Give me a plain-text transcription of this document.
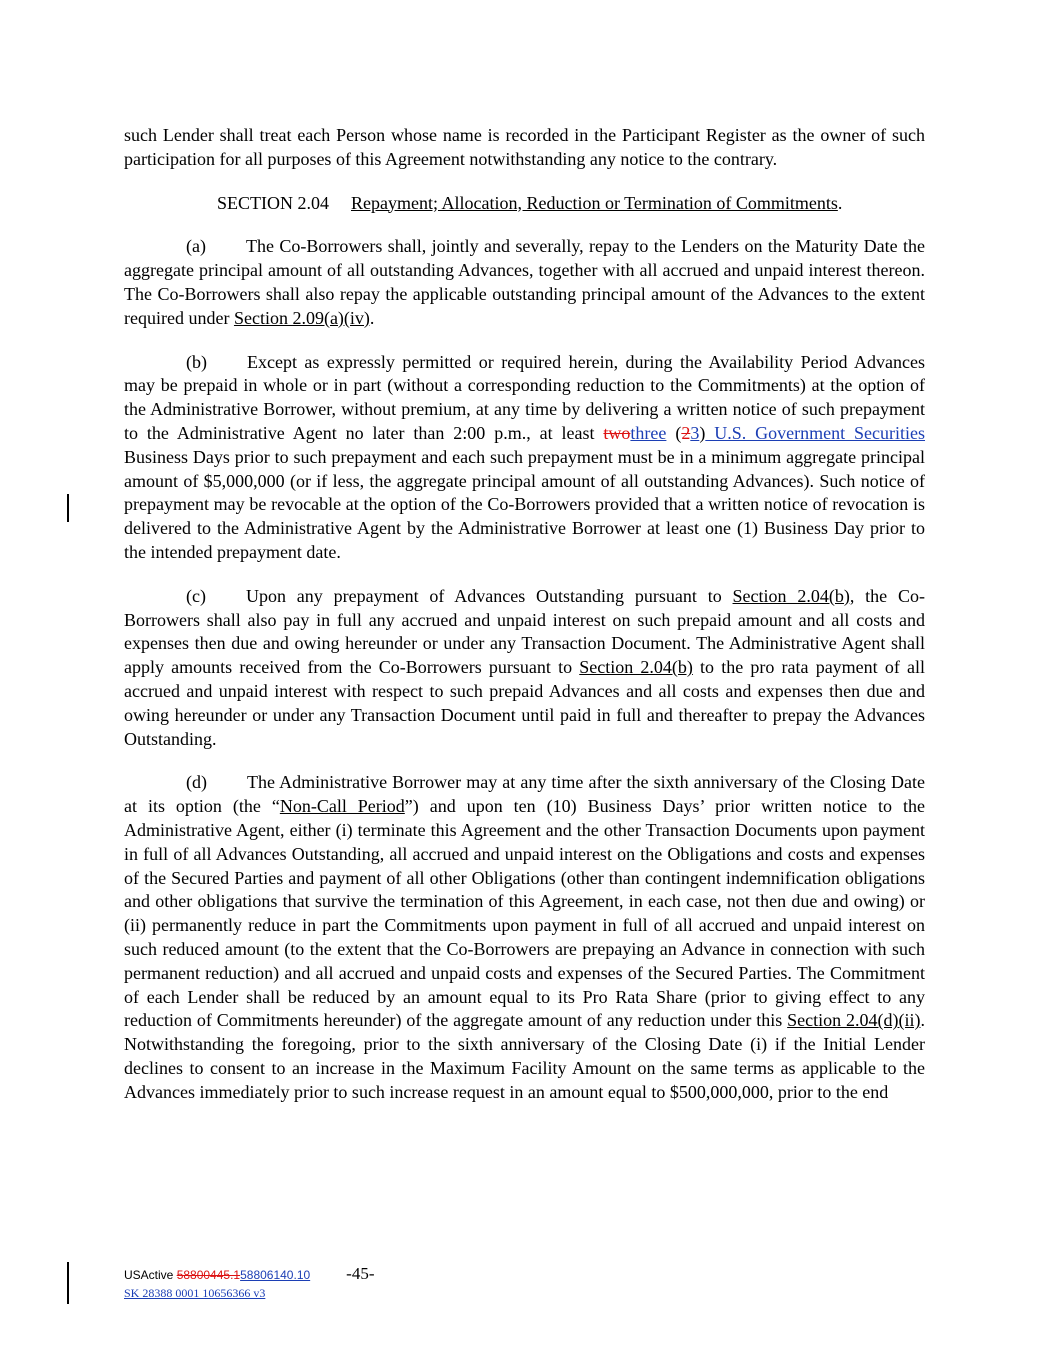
such Lender shall treat each Person whose name is recorded in the Participant Register as the owner of such participation for all purposes of this Agreement notwithstanding any notice to the contrary.

SECTION 2.04 Repayment; Allocation, Reduction or Termination of Commitments.

(a) The Co-Borrowers shall, jointly and severally, repay to the Lenders on the Maturity Date the aggregate principal amount of all outstanding Advances, together with all accrued and unpaid interest thereon. The Co-Borrowers shall also repay the applicable outstanding principal amount of the Advances to the extent required under Section 2.09(a)(iv).

(b) Except as expressly permitted or required herein, during the Availability Period Advances may be prepaid in whole or in part (without a corresponding reduction to the Commitments) at the option of the Administrative Borrower, without premium, at any time by delivering a written notice of such prepayment to the Administrative Agent no later than 2:00 p.m., at least twothree (23) U.S. Government Securities Business Days prior to such prepayment and each such prepayment must be in a minimum aggregate principal amount of $5,000,000 (or if less, the aggregate principal amount of all outstanding Advances). Such notice of prepayment may be revocable at the option of the Co-Borrowers provided that a written notice of revocation is delivered to the Administrative Agent by the Administrative Borrower at least one (1) Business Day prior to the intended prepayment date.

(c) Upon any prepayment of Advances Outstanding pursuant to Section 2.04(b), the Co- Borrowers shall also pay in full any accrued and unpaid interest on such prepaid amount and all costs and expenses then due and owing hereunder or under any Transaction Document. The Administrative Agent shall apply amounts received from the Co-Borrowers pursuant to Section 2.04(b) to the pro rata payment of all accrued and unpaid interest with respect to such prepaid Advances and all costs and expenses then due and owing hereunder or under any Transaction Document until paid in full and thereafter to prepay the Advances Outstanding.

(d) The Administrative Borrower may at any time after the sixth anniversary of the Closing Date at its option (the “Non-Call Period”) and upon ten (10) Business Days’ prior written notice to the Administrative Agent, either (i) terminate this Agreement and the other Transaction Documents upon payment in full of all Advances Outstanding, all accrued and unpaid interest on the Obligations and costs and expenses of the Secured Parties and payment of all other Obligations (other than contingent indemnification obligations and other obligations that survive the termination of this Agreement, in each case, not then due and owing) or (ii) permanently reduce in part the Commitments upon payment in full of all accrued and unpaid interest on such reduced amount (to the extent that the Co-Borrowers are prepaying an Advance in connection with such permanent reduction) and all accrued and unpaid costs and expenses of the Secured Parties. The Commitment of each Lender shall be reduced by an amount equal to its Pro Rata Share (prior to giving effect to any reduction of Commitments hereunder) of the aggregate amount of any reduction under this Section 2.04(d)(ii). Notwithstanding the foregoing, prior to the sixth anniversary of the Closing Date (i) if the Initial Lender declines to consent to an increase in the Maximum Facility Amount on the same terms as applicable to the Advances immediately prior to such increase request in an amount equal to $500,000,000, prior to the end

USActive 58800445.158806140.10 -45-
SK 28388 0001 10656366 v3
